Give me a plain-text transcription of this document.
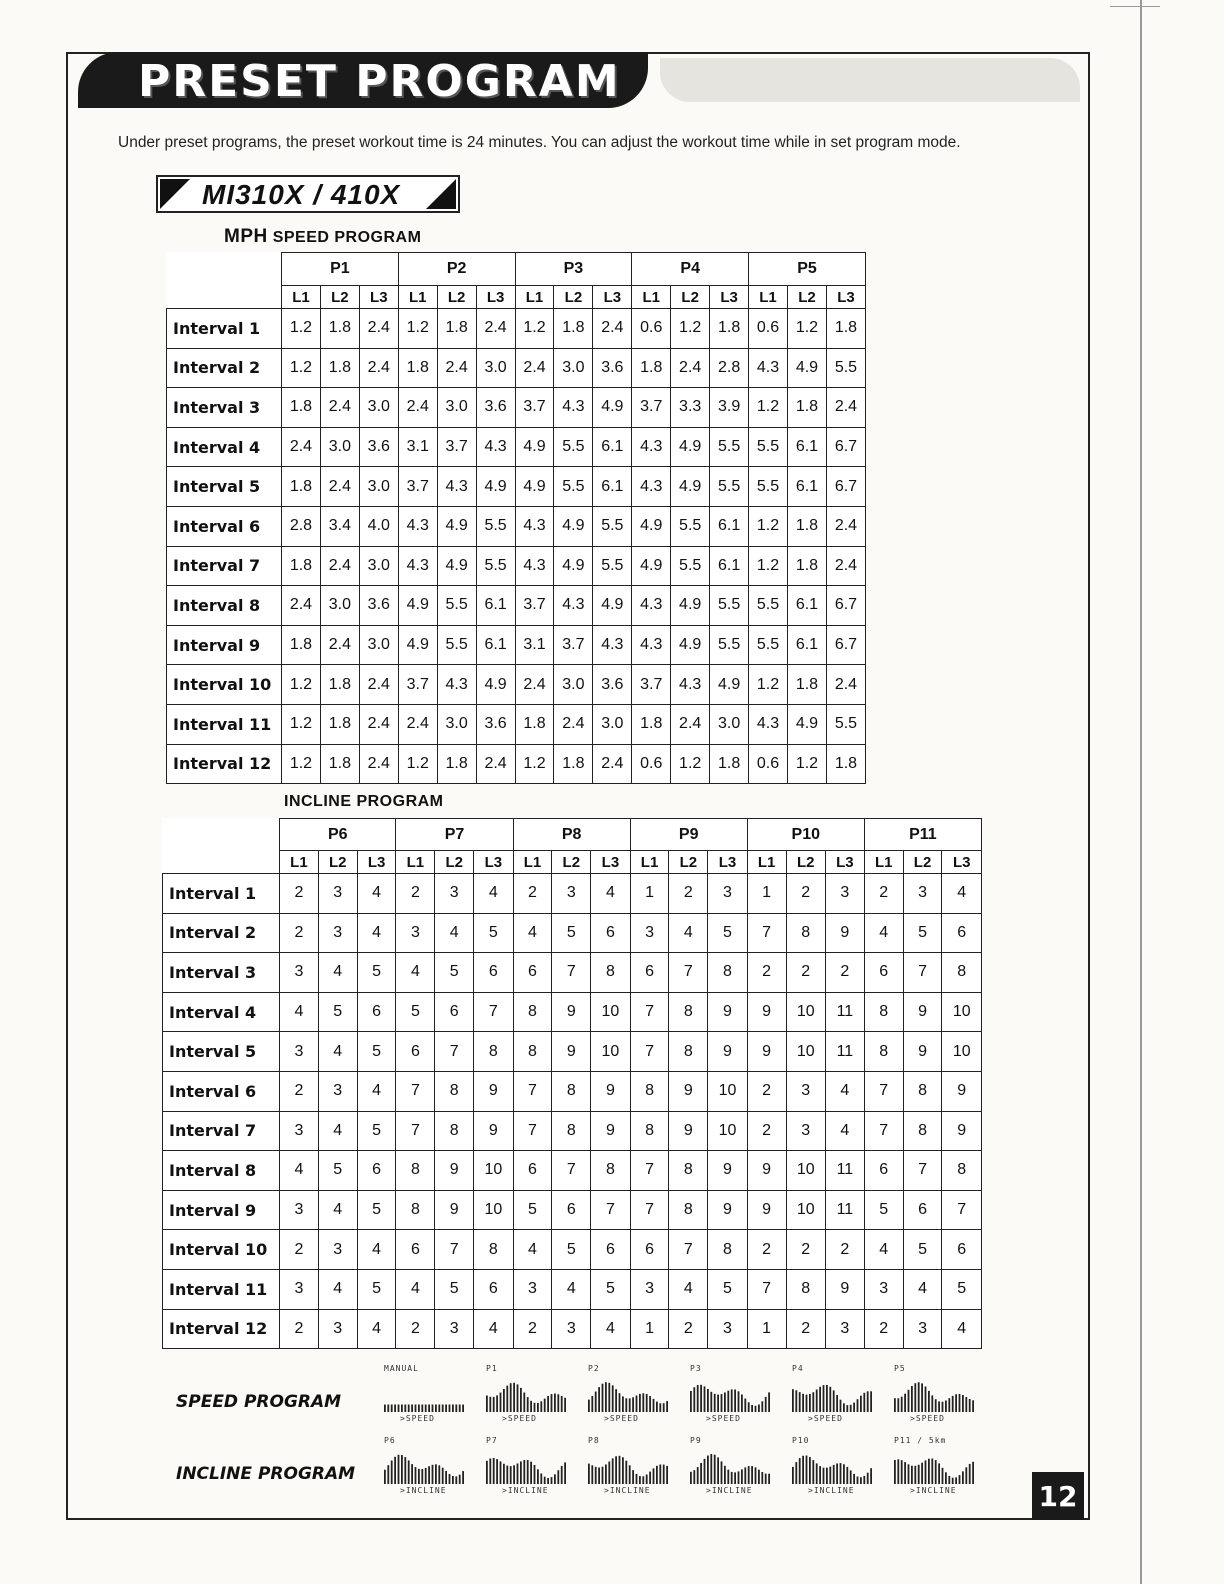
PRESET PROGRAM
Under preset programs, the preset workout time is 24 minutes. You can adjust the workout time while in set program mode.
MI310X / 410X
MPH SPEED PROGRAM
	P1			P2			P3			P4			P5		
	L1	L2	L3	L1	L2	L3	L1	L2	L3	L1	L2	L3	L1	L2	L3
Interval 1	1.2	1.8	2.4	1.2	1.8	2.4	1.2	1.8	2.4	0.6	1.2	1.8	0.6	1.2	1.8
Interval 2	1.2	1.8	2.4	1.8	2.4	3.0	2.4	3.0	3.6	1.8	2.4	2.8	4.3	4.9	5.5
Interval 3	1.8	2.4	3.0	2.4	3.0	3.6	3.7	4.3	4.9	3.7	3.3	3.9	1.2	1.8	2.4
Interval 4	2.4	3.0	3.6	3.1	3.7	4.3	4.9	5.5	6.1	4.3	4.9	5.5	5.5	6.1	6.7
Interval 5	1.8	2.4	3.0	3.7	4.3	4.9	4.9	5.5	6.1	4.3	4.9	5.5	5.5	6.1	6.7
Interval 6	2.8	3.4	4.0	4.3	4.9	5.5	4.3	4.9	5.5	4.9	5.5	6.1	1.2	1.8	2.4
Interval 7	1.8	2.4	3.0	4.3	4.9	5.5	4.3	4.9	5.5	4.9	5.5	6.1	1.2	1.8	2.4
Interval 8	2.4	3.0	3.6	4.9	5.5	6.1	3.7	4.3	4.9	4.3	4.9	5.5	5.5	6.1	6.7
Interval 9	1.8	2.4	3.0	4.9	5.5	6.1	3.1	3.7	4.3	4.3	4.9	5.5	5.5	6.1	6.7
Interval 10	1.2	1.8	2.4	3.7	4.3	4.9	2.4	3.0	3.6	3.7	4.3	4.9	1.2	1.8	2.4
Interval 11	1.2	1.8	2.4	2.4	3.0	3.6	1.8	2.4	3.0	1.8	2.4	3.0	4.3	4.9	5.5
Interval 12	1.2	1.8	2.4	1.2	1.8	2.4	1.2	1.8	2.4	0.6	1.2	1.8	0.6	1.2	1.8
INCLINE PROGRAM
	P6			P7			P8			P9			P10			P11		
	L1	L2	L3	L1	L2	L3	L1	L2	L3	L1	L2	L3	L1	L2	L3	L1	L2	L3
Interval 1	2	3	4	2	3	4	2	3	4	1	2	3	1	2	3	2	3	4
Interval 2	2	3	4	3	4	5	4	5	6	3	4	5	7	8	9	4	5	6
Interval 3	3	4	5	4	5	6	6	7	8	6	7	8	2	2	2	6	7	8
Interval 4	4	5	6	5	6	7	8	9	10	7	8	9	9	10	11	8	9	10
Interval 5	3	4	5	6	7	8	8	9	10	7	8	9	9	10	11	8	9	10
Interval 6	2	3	4	7	8	9	7	8	9	8	9	10	2	3	4	7	8	9
Interval 7	3	4	5	7	8	9	7	8	9	8	9	10	2	3	4	7	8	9
Interval 8	4	5	6	8	9	10	6	7	8	7	8	9	9	10	11	6	7	8
Interval 9	3	4	5	8	9	10	5	6	7	7	8	9	9	10	11	5	6	7
Interval 10	2	3	4	6	7	8	4	5	6	6	7	8	2	2	2	4	5	6
Interval 11	3	4	5	4	5	6	3	4	5	3	4	5	7	8	9	3	4	5
Interval 12	2	3	4	2	3	4	2	3	4	1	2	3	1	2	3	2	3	4
SPEED PROGRAM
INCLINE PROGRAM
MANUAL
>SPEED
P1
>SPEED
P2
>SPEED
P3
>SPEED
P4
>SPEED
P5
>SPEED
P6
>INCLINE
P7
>INCLINE
P8
>INCLINE
P9
>INCLINE
P10
>INCLINE
P11 / 5km
>INCLINE	12
